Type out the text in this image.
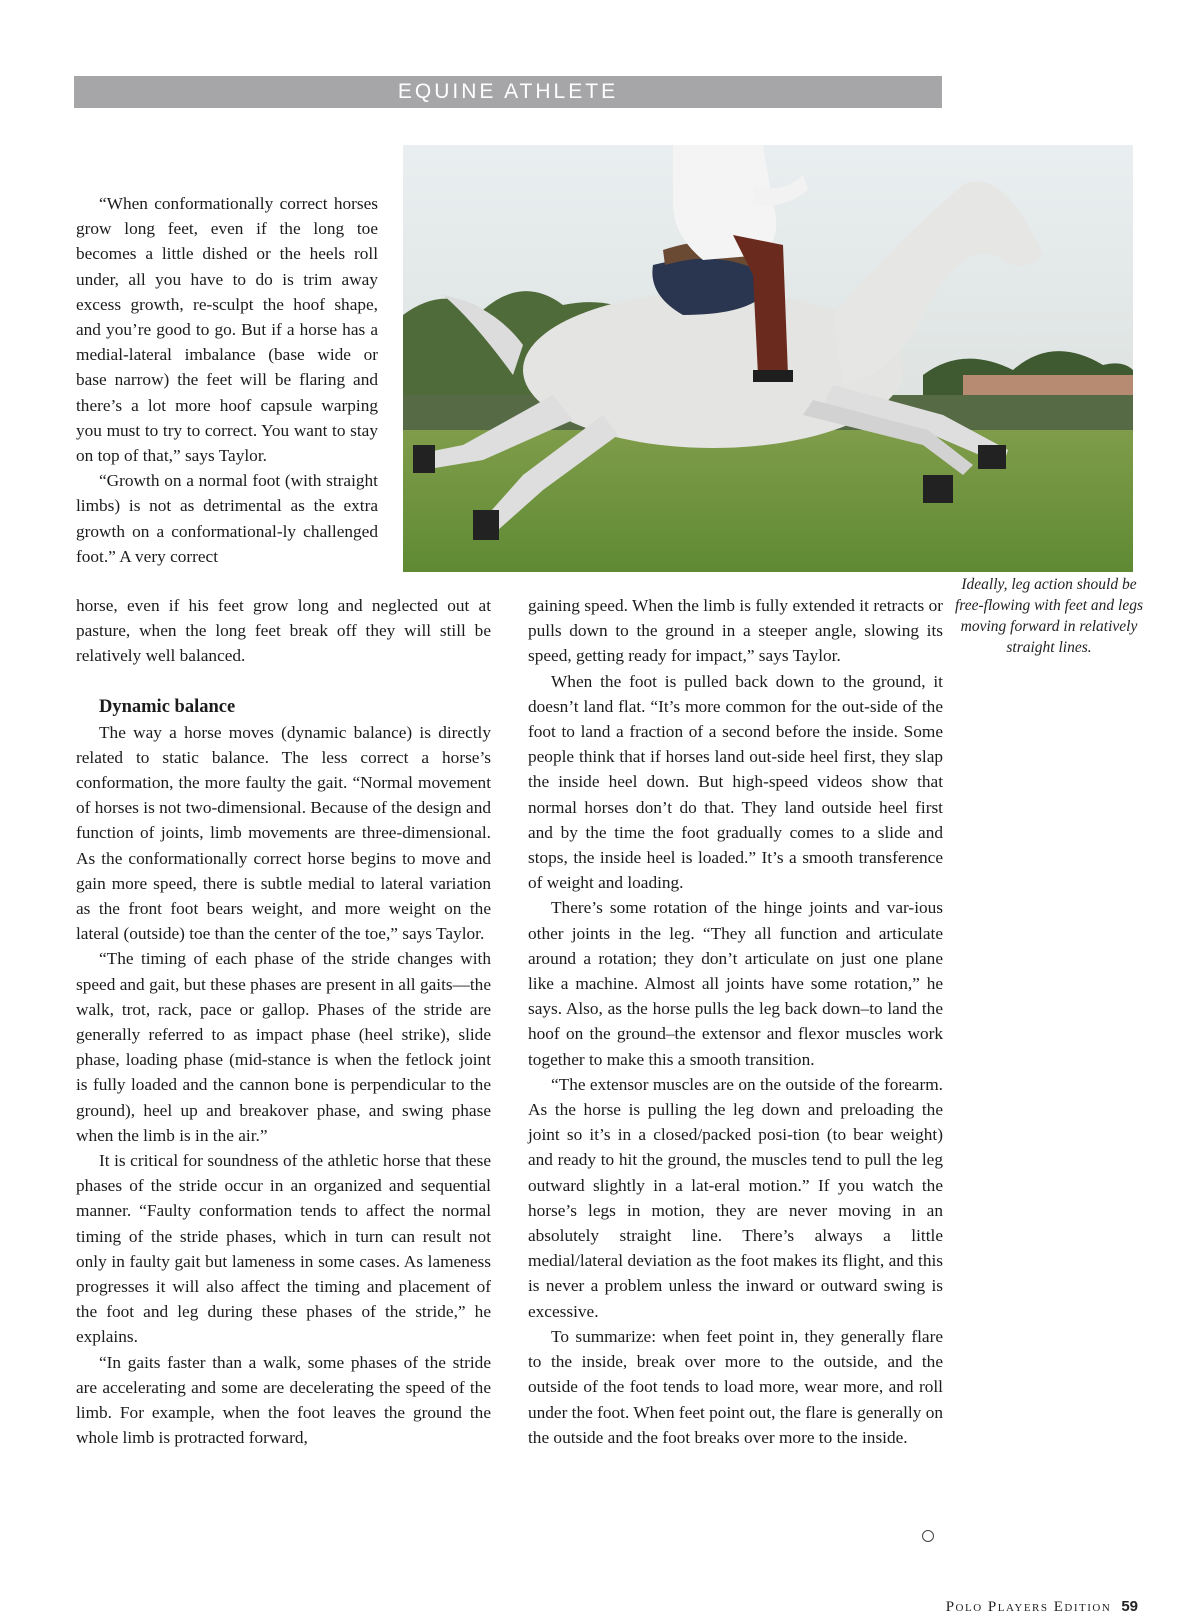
EQUINE ATHLETE
Ideally, leg action should be free-flowing with feet and legs moving forward in relatively straight lines.

“When conformationally correct horses grow long feet, even if the long toe becomes a little dished or the heels roll under, all you have to do is trim away excess growth, re-sculpt the hoof shape, and you’re good to go. But if a horse has a medial-lateral imbalance (base wide or base narrow) the feet will be flaring and there’s a lot more hoof capsule warping you must to try to correct. You want to stay on top of that,” says Taylor.

“Growth on a normal foot (with straight limbs) is not as detrimental as the extra growth on a conformational-ly challenged foot.” A very correct

horse, even if his feet grow long and neglected out at pasture, when the long feet break off they will still be relatively well balanced.

Dynamic balance

The way a horse moves (dynamic balance) is directly related to static balance. The less correct a horse’s conformation, the more faulty the gait. “Normal movement of horses is not two-dimensional. Because of the design and function of joints, limb movements are three-dimensional. As the conformationally correct horse begins to move and gain more speed, there is subtle medial to lateral variation as the front foot bears weight, and more weight on the lateral (outside) toe than the center of the toe,” says Taylor.

“The timing of each phase of the stride changes with speed and gait, but these phases are present in all gaits—the walk, trot, rack, pace or gallop. Phases of the stride are generally referred to as impact phase (heel strike), slide phase, loading phase (mid-stance is when the fetlock joint is fully loaded and the cannon bone is perpendicular to the ground), heel up and breakover phase, and swing phase when the limb is in the air.”

It is critical for soundness of the athletic horse that these phases of the stride occur in an organized and sequential manner. “Faulty conformation tends to affect the normal timing of the stride phases, which in turn can result not only in faulty gait but lameness in some cases. As lameness progresses it will also affect the timing and placement of the foot and leg during these phases of the stride,” he explains.

“In gaits faster than a walk, some phases of the stride are accelerating and some are decelerating the speed of the limb. For example, when the foot leaves the ground the whole limb is protracted forward,

gaining speed. When the limb is fully extended it retracts or pulls down to the ground in a steeper angle, slowing its speed, getting ready for impact,” says Taylor.

When the foot is pulled back down to the ground, it doesn’t land flat. “It’s more common for the out-side of the foot to land a fraction of a second before the inside. Some people think that if horses land out-side heel first, they slap the inside heel down. But high-speed videos show that normal horses don’t do that. They land outside heel first and by the time the foot gradually comes to a slide and stops, the inside heel is loaded.” It’s a smooth transference of weight and loading.

There’s some rotation of the hinge joints and var-ious other joints in the leg. “They all function and articulate around a rotation; they don’t articulate on just one plane like a machine. Almost all joints have some rotation,” he says. Also, as the horse pulls the leg back down–to land the hoof on the ground–the extensor and flexor muscles work together to make this a smooth transition.

“The extensor muscles are on the outside of the forearm. As the horse is pulling the leg down and preloading the joint so it’s in a closed/packed posi-tion (to bear weight) and ready to hit the ground, the muscles tend to pull the leg outward slightly in a lat-eral motion.” If you watch the horse’s legs in motion, they are never moving in an absolutely straight line. There’s always a little medial/lateral deviation as the foot makes its flight, and this is never a problem unless the inward or outward swing is excessive.

To summarize: when feet point in, they generally flare to the inside, break over more to the outside, and the outside of the foot tends to load more, wear more, and roll under the foot. When feet point out, the flare is generally on the outside and the foot breaks over more to the inside.

Polo Players Edition 59
